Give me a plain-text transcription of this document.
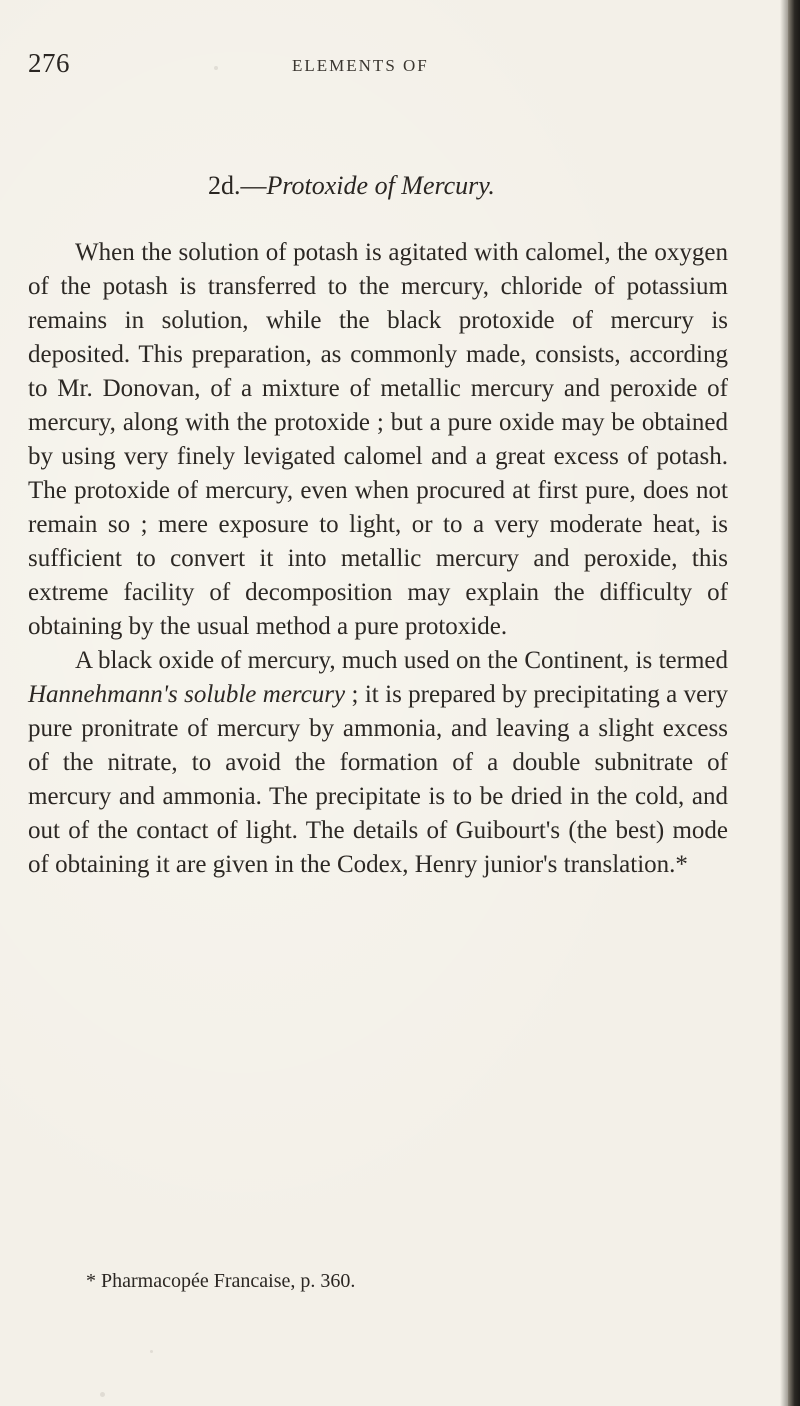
276	ELEMENTS OF
2d.—Protoxide of Mercury.

When the solution of potash is agitated with calomel, the oxygen of the potash is transferred to the mercury, chloride of potassium remains in solution, while the black protoxide of mercury is deposited. This preparation, as commonly made, consists, according to Mr. Donovan, of a mixture of metallic mercury and peroxide of mercury, along with the protoxide ; but a pure oxide may be obtained by using very finely levigated calomel and a great excess of potash. The protoxide of mercury, even when procured at first pure, does not remain so ; mere exposure to light, or to a very moderate heat, is sufficient to convert it into metallic mercury and peroxide, this extreme facility of decomposition may explain the difficulty of obtaining by the usual method a pure protoxide.

A black oxide of mercury, much used on the Continent, is termed Hannehmann's soluble mercury ; it is prepared by precipitating a very pure pronitrate of mercury by ammonia, and leaving a slight excess of the nitrate, to avoid the formation of a double subnitrate of mercury and ammonia. The precipitate is to be dried in the cold, and out of the contact of light. The details of Guibourt's (the best) mode of obtaining it are given in the Codex, Henry junior's translation.*

* Pharmacopée Francaise, p. 360.
